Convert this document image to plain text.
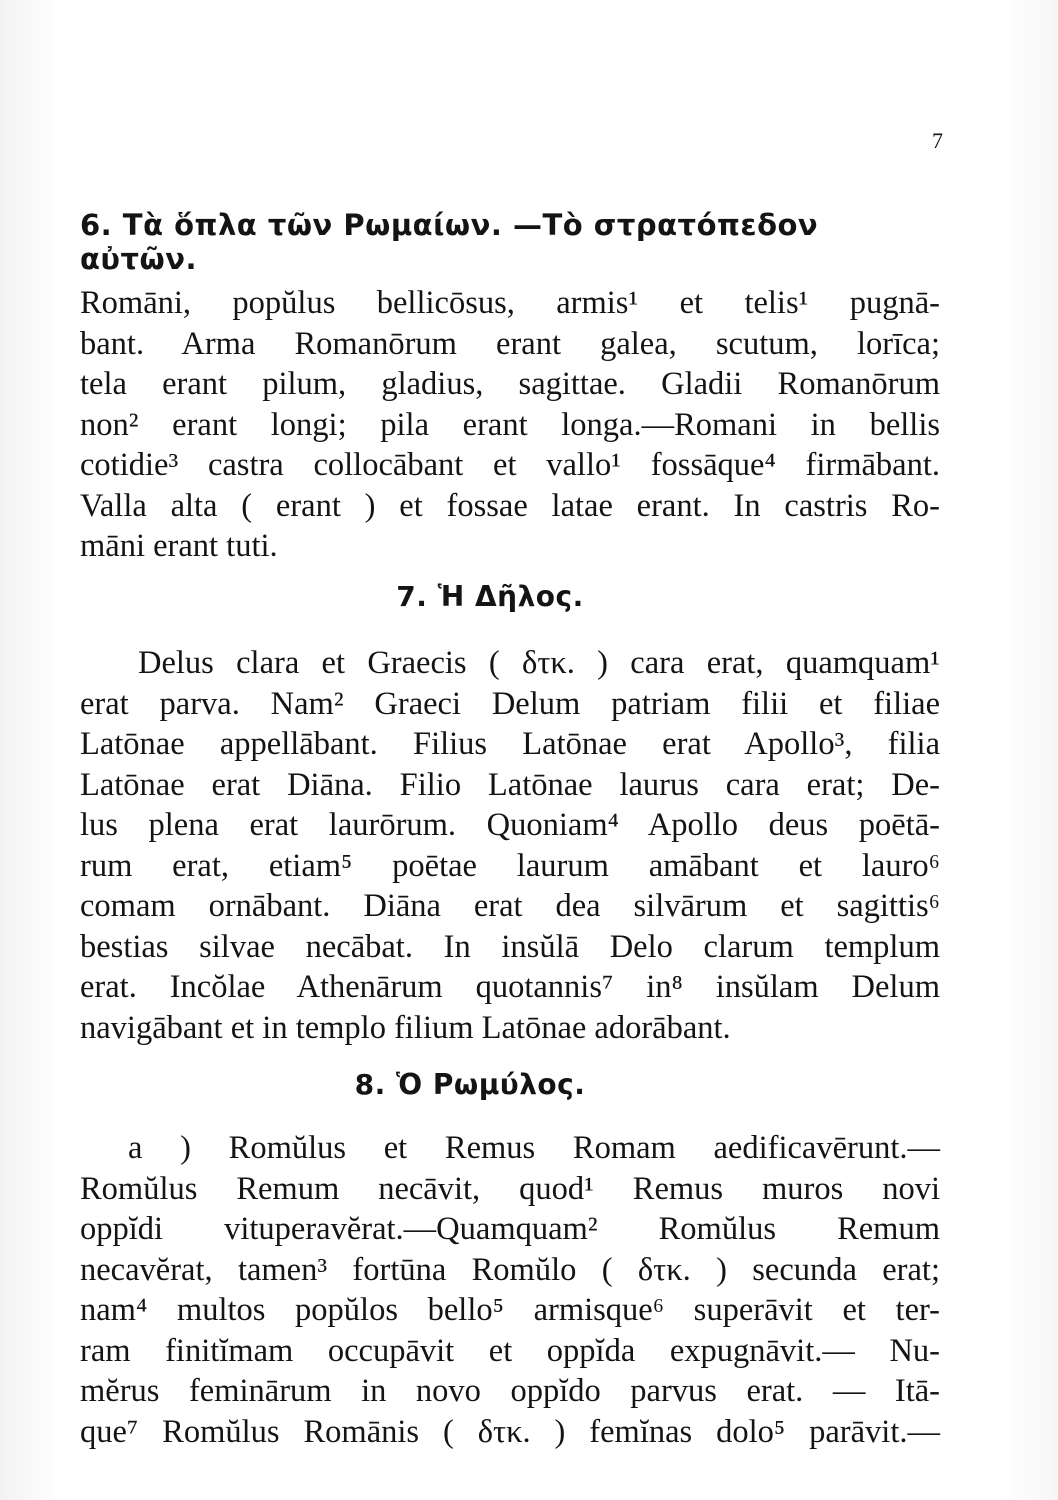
7
6. Τὰ ὅπλα τῶν Ρωμαίων. —Τὸ στρατόπεδον αὐτῶν.
Romāni, popŭlus bellicōsus, armis¹ et telis¹ pugnā-
bant. Arma Romanōrum erant galea, scutum, lorīca;
tela erant pilum, gladius, sagittae. Gladii Romanōrum
non² erant longi; pila erant longa.—Romani in bellis
cotidie³ castra collocābant et vallo¹ fossāque⁴ firmābant.
Valla alta ( erant ) et fossae latae erant. In castris Ro-
māni erant tuti.
7. Ἡ Δῆλος.
Delus clara et Graecis ( δτκ. ) cara erat, quamquam¹
erat parva. Nam² Graeci Delum patriam filii et filiae
Latōnae appellābant. Filius Latōnae erat Apollo³, filia
Latōnae erat Diāna. Filio Latōnae laurus cara erat; De-
lus plena erat laurōrum. Quoniam⁴ Apollo deus poētā-
rum erat, etiam⁵ poētae laurum amābant et lauro⁶
comam ornābant. Diāna erat dea silvārum et sagittis⁶
bestias silvae necābat. In insŭlā Delo clarum templum
erat. Incŏlae Athenārum quotannis⁷ in⁸ insŭlam Delum
navigābant et in templo filium Latōnae adorābant.
8. Ὁ Ρωμύλος.
a ) Romŭlus et Remus Romam aedificavērunt.—
Romŭlus Remum necāvit, quod¹ Remus muros novi
oppĭdi vituperavĕrat.—Quamquam² Romŭlus Remum
necavĕrat, tamen³ fortūna Romŭlo ( δτκ. ) secunda erat;
nam⁴ multos popŭlos bello⁵ armisque⁶ superāvit et ter-
ram finitĭmam occupāvit et oppĭda expugnāvit.— Nu-
mĕrus feminārum in novo oppĭdo parvus erat. — Itā-
que⁷ Romŭlus Romānis ( δτκ. ) femĭnas dolo⁵ parāvit.—
